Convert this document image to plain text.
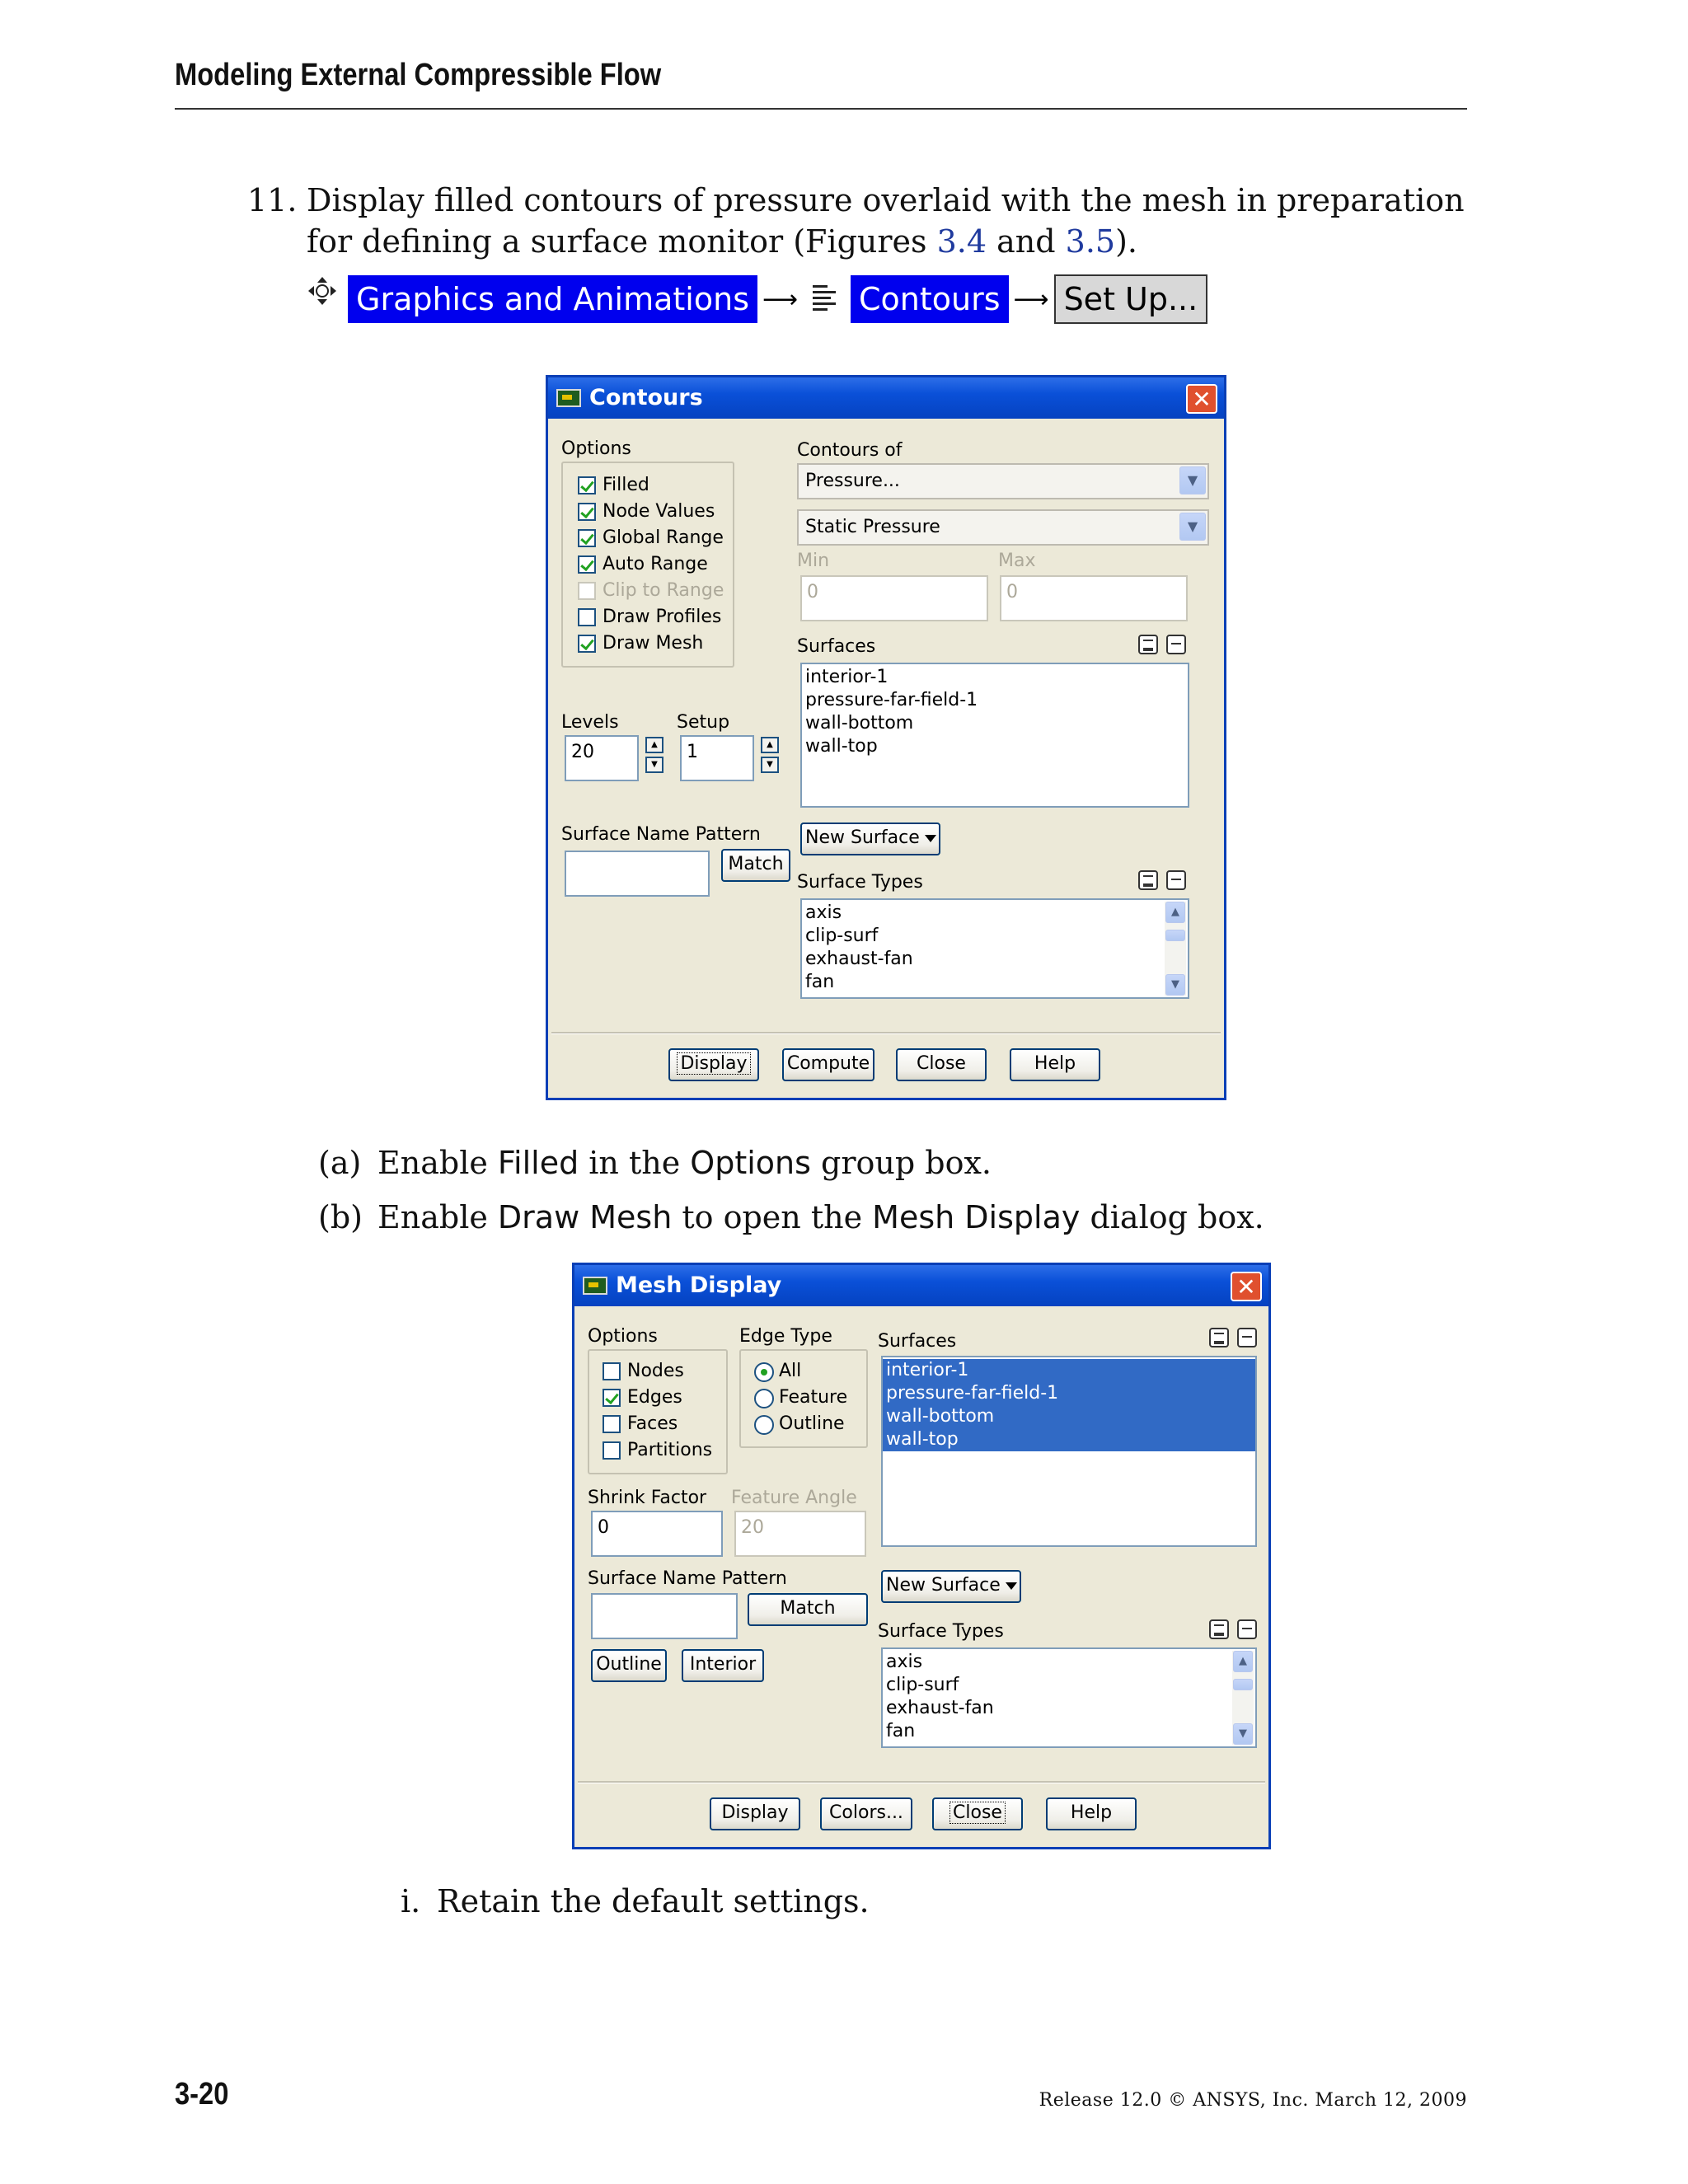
Modeling External Compressible Flow
11. Display filled contours of pressure overlaid with the mesh in preparation for defining a surface monitor (Figures 3.4 and 3.5).
Graphics and Animations ⟶ Contours ⟶ Set Up...
Contours	✕
Options
Filled
Node Values
Global Range
Auto Range
Clip to Range
Draw Profiles
Draw Mesh
Contours of
Pressure...	▼
Static Pressure	▼
Min	Max
0	0
Surfaces
interior-1
pressure-far-field-1
wall-bottom
wall-top
Levels	Setup
20	▲
▼
1	▲
▼
Surface Name Pattern
Match
New Surface
Surface Types
axis
clip-surf
exhaust-fan
fan
▲
▼
Display	Compute	Close	Help
(a) Enable Filled in the Options group box.
(b) Enable Draw Mesh to open the Mesh Display dialog box.
Mesh Display	✕
Options
Nodes
Edges
Faces
Partitions
Edge Type
All
Feature
Outline
Surfaces
interior-1
pressure-far-field-1
wall-bottom
wall-top
Shrink Factor Feature Angle
0	20
Surface Name Pattern
Match
Outline	Interior
New Surface
Surface Types
axis
clip-surf
exhaust-fan
fan
▲
▼
Display	Colors...	Close	Help
i. Retain the default settings.
3-20	Release 12.0 © ANSYS, Inc. March 12, 2009
